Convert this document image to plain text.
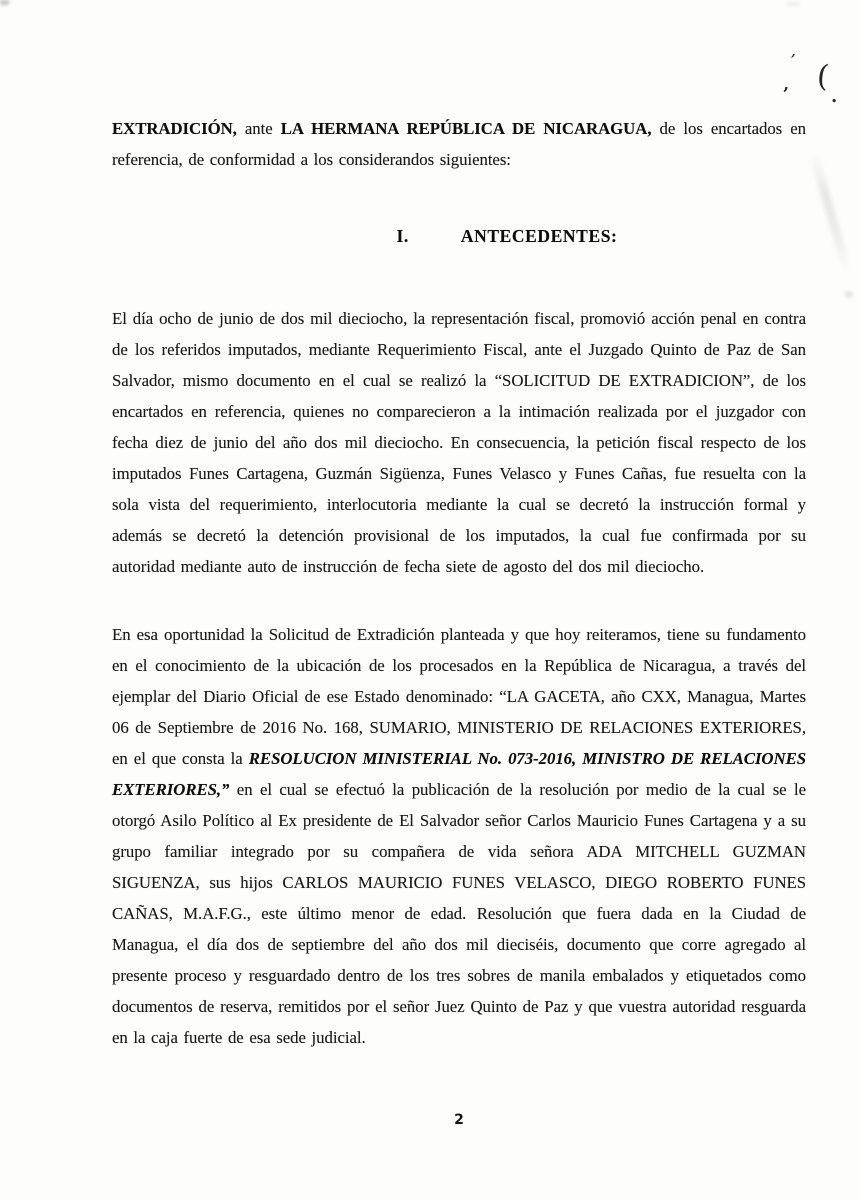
EXTRADICIÓN, ante LA HERMANA REPÚBLICA DE NICARAGUA, de los encartados en referencia, de conformidad a los considerandos siguientes:

I.	ANTECEDENTES:

El día ocho de junio de dos mil dieciocho, la representación fiscal, promovió acción penal en contra de los referidos imputados, mediante Requerimiento Fiscal, ante el Juzgado Quinto de Paz de San Salvador, mismo documento en el cual se realizó la “SOLICITUD DE EXTRADICION”, de los encartados en referencia, quienes no comparecieron a la intimación realizada por el juzgador con fecha diez de junio del año dos mil dieciocho. En consecuencia, la petición fiscal respecto de los imputados Funes Cartagena, Guzmán Sigüenza, Funes Velasco y Funes Cañas, fue resuelta con la sola vista del requerimiento, interlocutoria mediante la cual se decretó la instrucción formal y además se decretó la detención provisional de los imputados, la cual fue confirmada por su autoridad mediante auto de instrucción de fecha siete de agosto del dos mil dieciocho.

En esa oportunidad la Solicitud de Extradición planteada y que hoy reiteramos, tiene su fundamento en el conocimiento de la ubicación de los procesados en la República de Nicaragua, a través del ejemplar del Diario Oficial de ese Estado denominado: “LA GACETA, año CXX, Managua, Martes 06 de Septiembre de 2016 No. 168, SUMARIO, MINISTERIO DE RELACIONES EXTERIORES, en el que consta la RESOLUCION MINISTERIAL No. 073-2016, MINISTRO DE RELACIONES EXTERIORES,” en el cual se efectuó la publicación de la resolución por medio de la cual se le otorgó Asilo Político al Ex presidente de El Salvador señor Carlos Mauricio Funes Cartagena y a su grupo familiar integrado por su compañera de vida señora ADA MITCHELL GUZMAN SIGUENZA, sus hijos CARLOS MAURICIO FUNES VELASCO, DIEGO ROBERTO FUNES CAÑAS, M.A.F.G., este último menor de edad. Resolución que fuera dada en la Ciudad de Managua, el día dos de septiembre del año dos mil dieciséis, documento que corre agregado al presente proceso y resguardado dentro de los tres sobres de manila embalados y etiquetados como documentos de reserva, remitidos por el señor Juez Quinto de Paz y que vuestra autoridad resguarda en la caja fuerte de esa sede judicial.

2
’
‚ (
.
